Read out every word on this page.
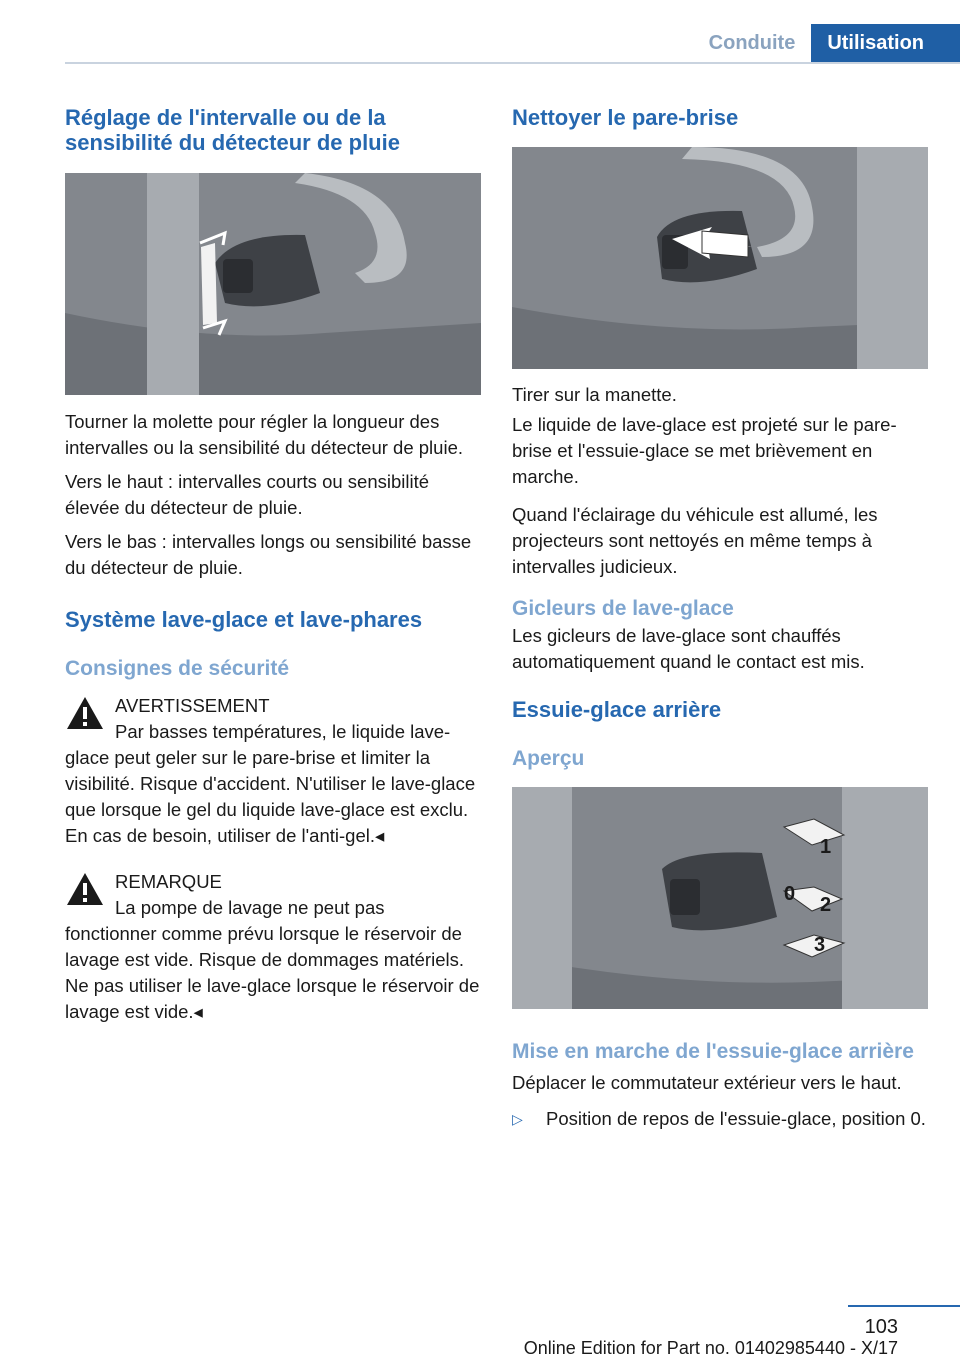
Conduite	Utilisation
Réglage de l'intervalle ou de la sensibilité du détecteur de pluie

Tourner la molette pour régler la longueur des intervalles ou la sensibilité du détecteur de pluie.

Vers le haut : intervalles courts ou sensibilité élevée du détecteur de pluie.

Vers le bas : intervalles longs ou sensibilité basse du détecteur de pluie.

Système lave-glace et lave-phares
Consignes de sécurité

AVERTISSEMENT

Par basses températures, le liquide lave-glace peut geler sur le pare-brise et limiter la visibilité. Risque d'accident. N'utiliser le lave-glace que lorsque le gel du liquide lave-glace est exclu. En cas de besoin, utiliser de l'anti-gel.◂

REMARQUE

La pompe de lavage ne peut pas fonctionner comme prévu lorsque le réservoir de lavage est vide. Risque de dommages matériels. Ne pas utiliser le lave-glace lorsque le réservoir de lavage est vide.◂

Nettoyer le pare-brise

Tirer sur la manette.

Le liquide de lave-glace est projeté sur le pare-brise et l'essuie-glace se met brièvement en marche.

Quand l'éclairage du véhicule est allumé, les projecteurs sont nettoyés en même temps à intervalles judicieux.

Gicleurs de lave-glace

Les gicleurs de lave-glace sont chauffés automatiquement quand le contact est mis.

Essuie-glace arrière
Aperçu
1
0 2
3
Mise en marche de l'essuie-glace arrière

Déplacer le commutateur extérieur vers le haut.

▷	Position de repos de l'essuie-glace, position 0.

103
Online Edition for Part no. 01402985440 - X/17
